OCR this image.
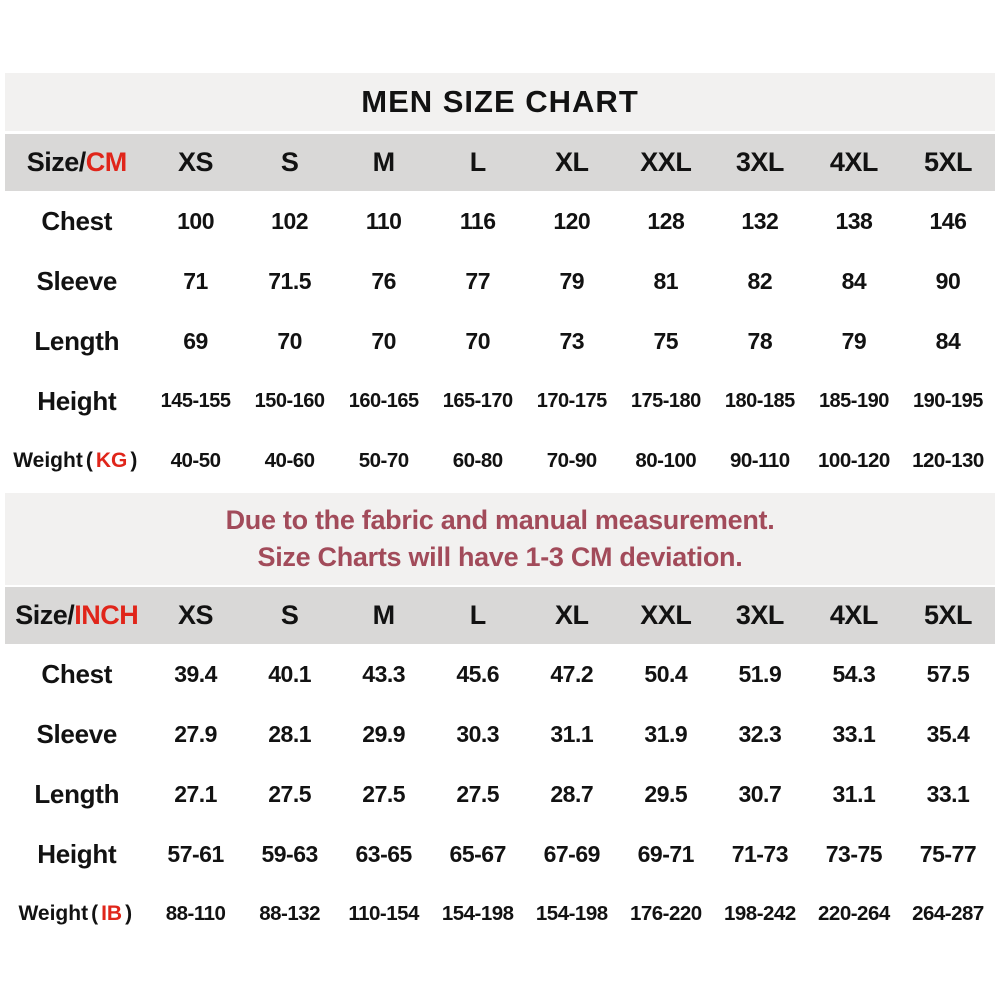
MEN SIZE CHART
Size/CM	XS	S	M	L	XL	XXL	3XL	4XL	5XL
Chest	100	102	110	116	120	128	132	138	146
Sleeve	71	71.5	76	77	79	81	82	84	90
Length	69	70	70	70	73	75	78	79	84
Height	145-155	150-160	160-165	165-170	170-175	175-180	180-185	185-190	190-195
Weight ( KG )	40-50	40-60	50-70	60-80	70-90	80-100	90-110	100-120	120-130
Due to the fabric and manual measurement.
Size Charts will have 1-3 CM deviation.
Size/INCH	XS	S	M	L	XL	XXL	3XL	4XL	5XL
Chest	39.4	40.1	43.3	45.6	47.2	50.4	51.9	54.3	57.5
Sleeve	27.9	28.1	29.9	30.3	31.1	31.9	32.3	33.1	35.4
Length	27.1	27.5	27.5	27.5	28.7	29.5	30.7	31.1	33.1
Height	57-61	59-63	63-65	65-67	67-69	69-71	71-73	73-75	75-77
Weight ( IB )	88-110	88-132	110-154	154-198	154-198	176-220	198-242	220-264	264-287
